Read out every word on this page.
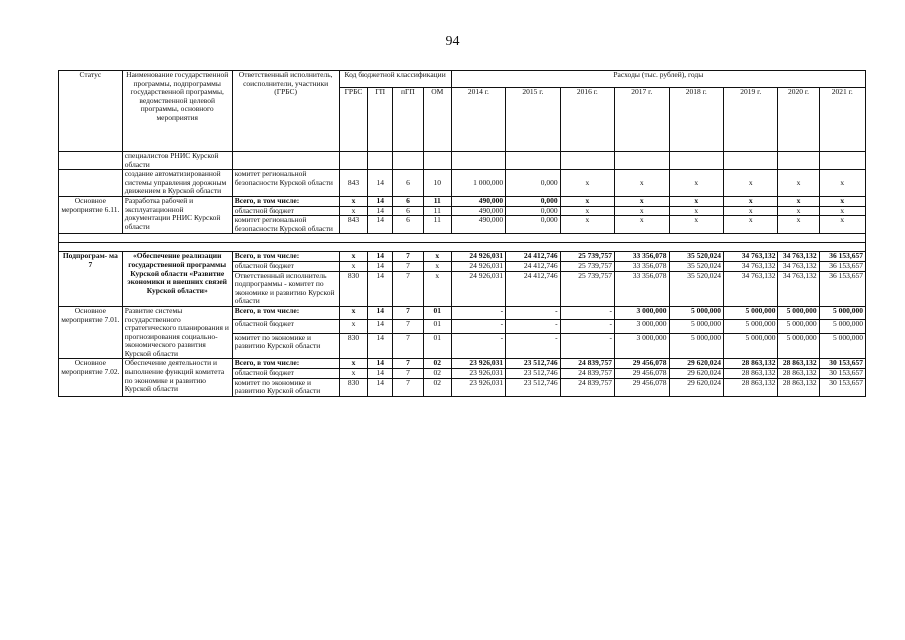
94
Статус	Наименование государственной программы, подпрограммы государственной программы, ведомственной целевой программы, основного мероприятия	Ответственный исполнитель, соисполнители, участники (ГРБС)	Код бюджетной классификации				Расходы (тыс. рублей), годы							
			ГРБС	ГП	пГП	ОМ	2014 г.	2015 г.	2016 г.	2017 г.	2018 г.	2019 г.	2020 г.	2021 г.
	специалистов РНИС Курской области													
	создание автоматизированной системы управления дорожным движением в Курской области	комитет региональной безопасности Курской области	843	14	6	10	1 000,000	0,000	x	x	x	x	x	x
Основное мероприятие 6.11.	Разработка рабочей и эксплуатационной документации РНИС Курской области	Всего, в том числе:	x	14	6	11	490,000	0,000	x	x	x	x	x	x
		областной бюджет	x	14	6	11	490,000	0,000	x	x	x	x	x	x
		комитет региональной безопасности Курской области	843	14	6	11	490,000	0,000	x	x	x	x	x	x

Подпрограм- ма 7	«Обеспечение реализации государственной программы Курской области «Развитие экономики и внешних связей Курской области»	Всего, в том числе:	x	14	7	x	24 926,031	24 412,746	25 739,757	33 356,078	35 520,024	34 763,132	34 763,132	36 153,657
		областной бюджет	x	14	7	x	24 926,031	24 412,746	25 739,757	33 356,078	35 520,024	34 763,132	34 763,132	36 153,657
		Ответственный исполнитель подпрограммы - комитет по экономике и развитию Курской области	830	14	7	x	24 926,031	24 412,746	25 739,757	33 356,078	35 520,024	34 763,132	34 763,132	36 153,657
Основное мероприятие 7.01.	Развитие системы государственного стратегического планирования и прогнозирования социально-экономического развития Курской области	Всего, в том числе:	x	14	7	01	-	-	-	3 000,000	5 000,000	5 000,000	5 000,000	5 000,000
		областной бюджет	x	14	7	01	-	-	-	3 000,000	5 000,000	5 000,000	5 000,000	5 000,000
		комитет по экономике и развитию Курской области	830	14	7	01	-	-	-	3 000,000	5 000,000	5 000,000	5 000,000	5 000,000
Основное мероприятие 7.02.	Обеспечение деятельности и выполнение функций комитета по экономике и развитию Курской области	Всего, в том числе:	x	14	7	02	23 926,031	23 512,746	24 839,757	29 456,078	29 620,024	28 863,132	28 863,132	30 153,657
		областной бюджет	x	14	7	02	23 926,031	23 512,746	24 839,757	29 456,078	29 620,024	28 863,132	28 863,132	30 153,657
		комитет по экономике и развитию Курской области	830	14	7	02	23 926,031	23 512,746	24 839,757	29 456,078	29 620,024	28 863,132	28 863,132	30 153,657
